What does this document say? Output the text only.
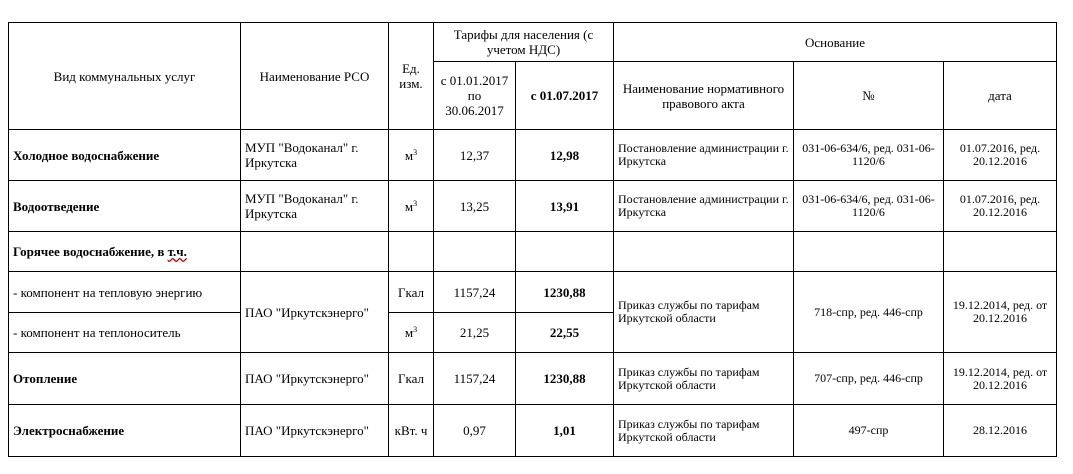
Вид коммунальных услуг	Наименование РСО	Ед. изм.	Тарифы для населения (с учетом НДС)		Основание		
			с 01.01.2017 по 30.06.2017	с 01.07.2017	Наименование нормативного правового акта	№	дата
Холодное водоснабжение	МУП "Водоканал" г. Иркутска	$м^3$	12,37	12,98	Постановление администрации г. Иркутска	031-06-634/6, ред. 031-06-1120/6	01.07.2016, ред. 20.12.2016
Водоотведение	МУП "Водоканал" г. Иркутска	$м^3$	13,25	13,91	Постановление администрации г. Иркутска	031-06-634/6, ред. 031-06-1120/6	01.07.2016, ред. 20.12.2016
Горячее водоснабжение, в т.ч.							
- компонент на тепловую энергию	ПАО "Иркутскэнерго"	Гкал	1157,24	1230,88	Приказ службы по тарифам Иркутской области	718-спр, ред. 446-спр	19.12.2014, ред. от 20.12.2016
- компонент на теплоноситель		$м^3$	21,25	22,55			
Отопление	ПАО "Иркутскэнерго"	Гкал	1157,24	1230,88	Приказ службы по тарифам Иркутской области	707-спр, ред. 446-спр	19.12.2014, ред. от 20.12.2016
Электроснабжение	ПАО "Иркутскэнерго"	кВт. ч	0,97	1,01	Приказ службы по тарифам Иркутской области	497-спр	28.12.2016
